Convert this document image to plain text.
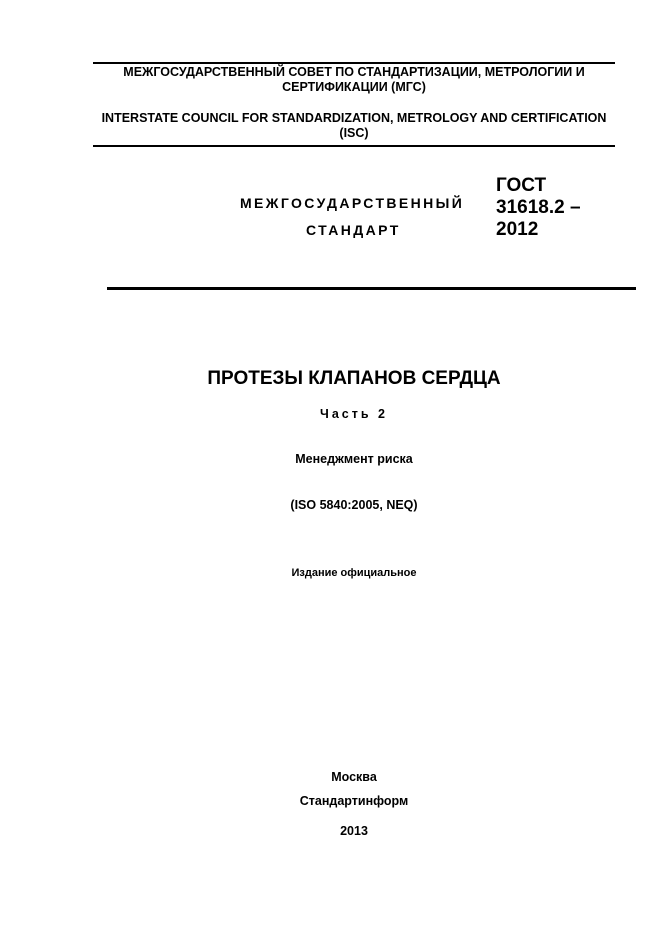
МЕЖГОСУДАРСТВЕННЫЙ СОВЕТ ПО СТАНДАРТИЗАЦИИ, МЕТРОЛОГИИ И СЕРТИФИКАЦИИ (МГС)
INTERSTATE COUNCIL FOR STANDARDIZATION, METROLOGY AND CERTIFICATION (ISC)
МЕЖГОСУДАРСТВЕННЫЙ
СТАНДАРТ
ГОСТ
31618.2 –
2012
ПРОТЕЗЫ КЛАПАНОВ СЕРДЦА
Часть 2
Менеджмент риска
(ISO 5840:2005, NEQ)
Издание официальное
Москва
Стандартинформ
2013
